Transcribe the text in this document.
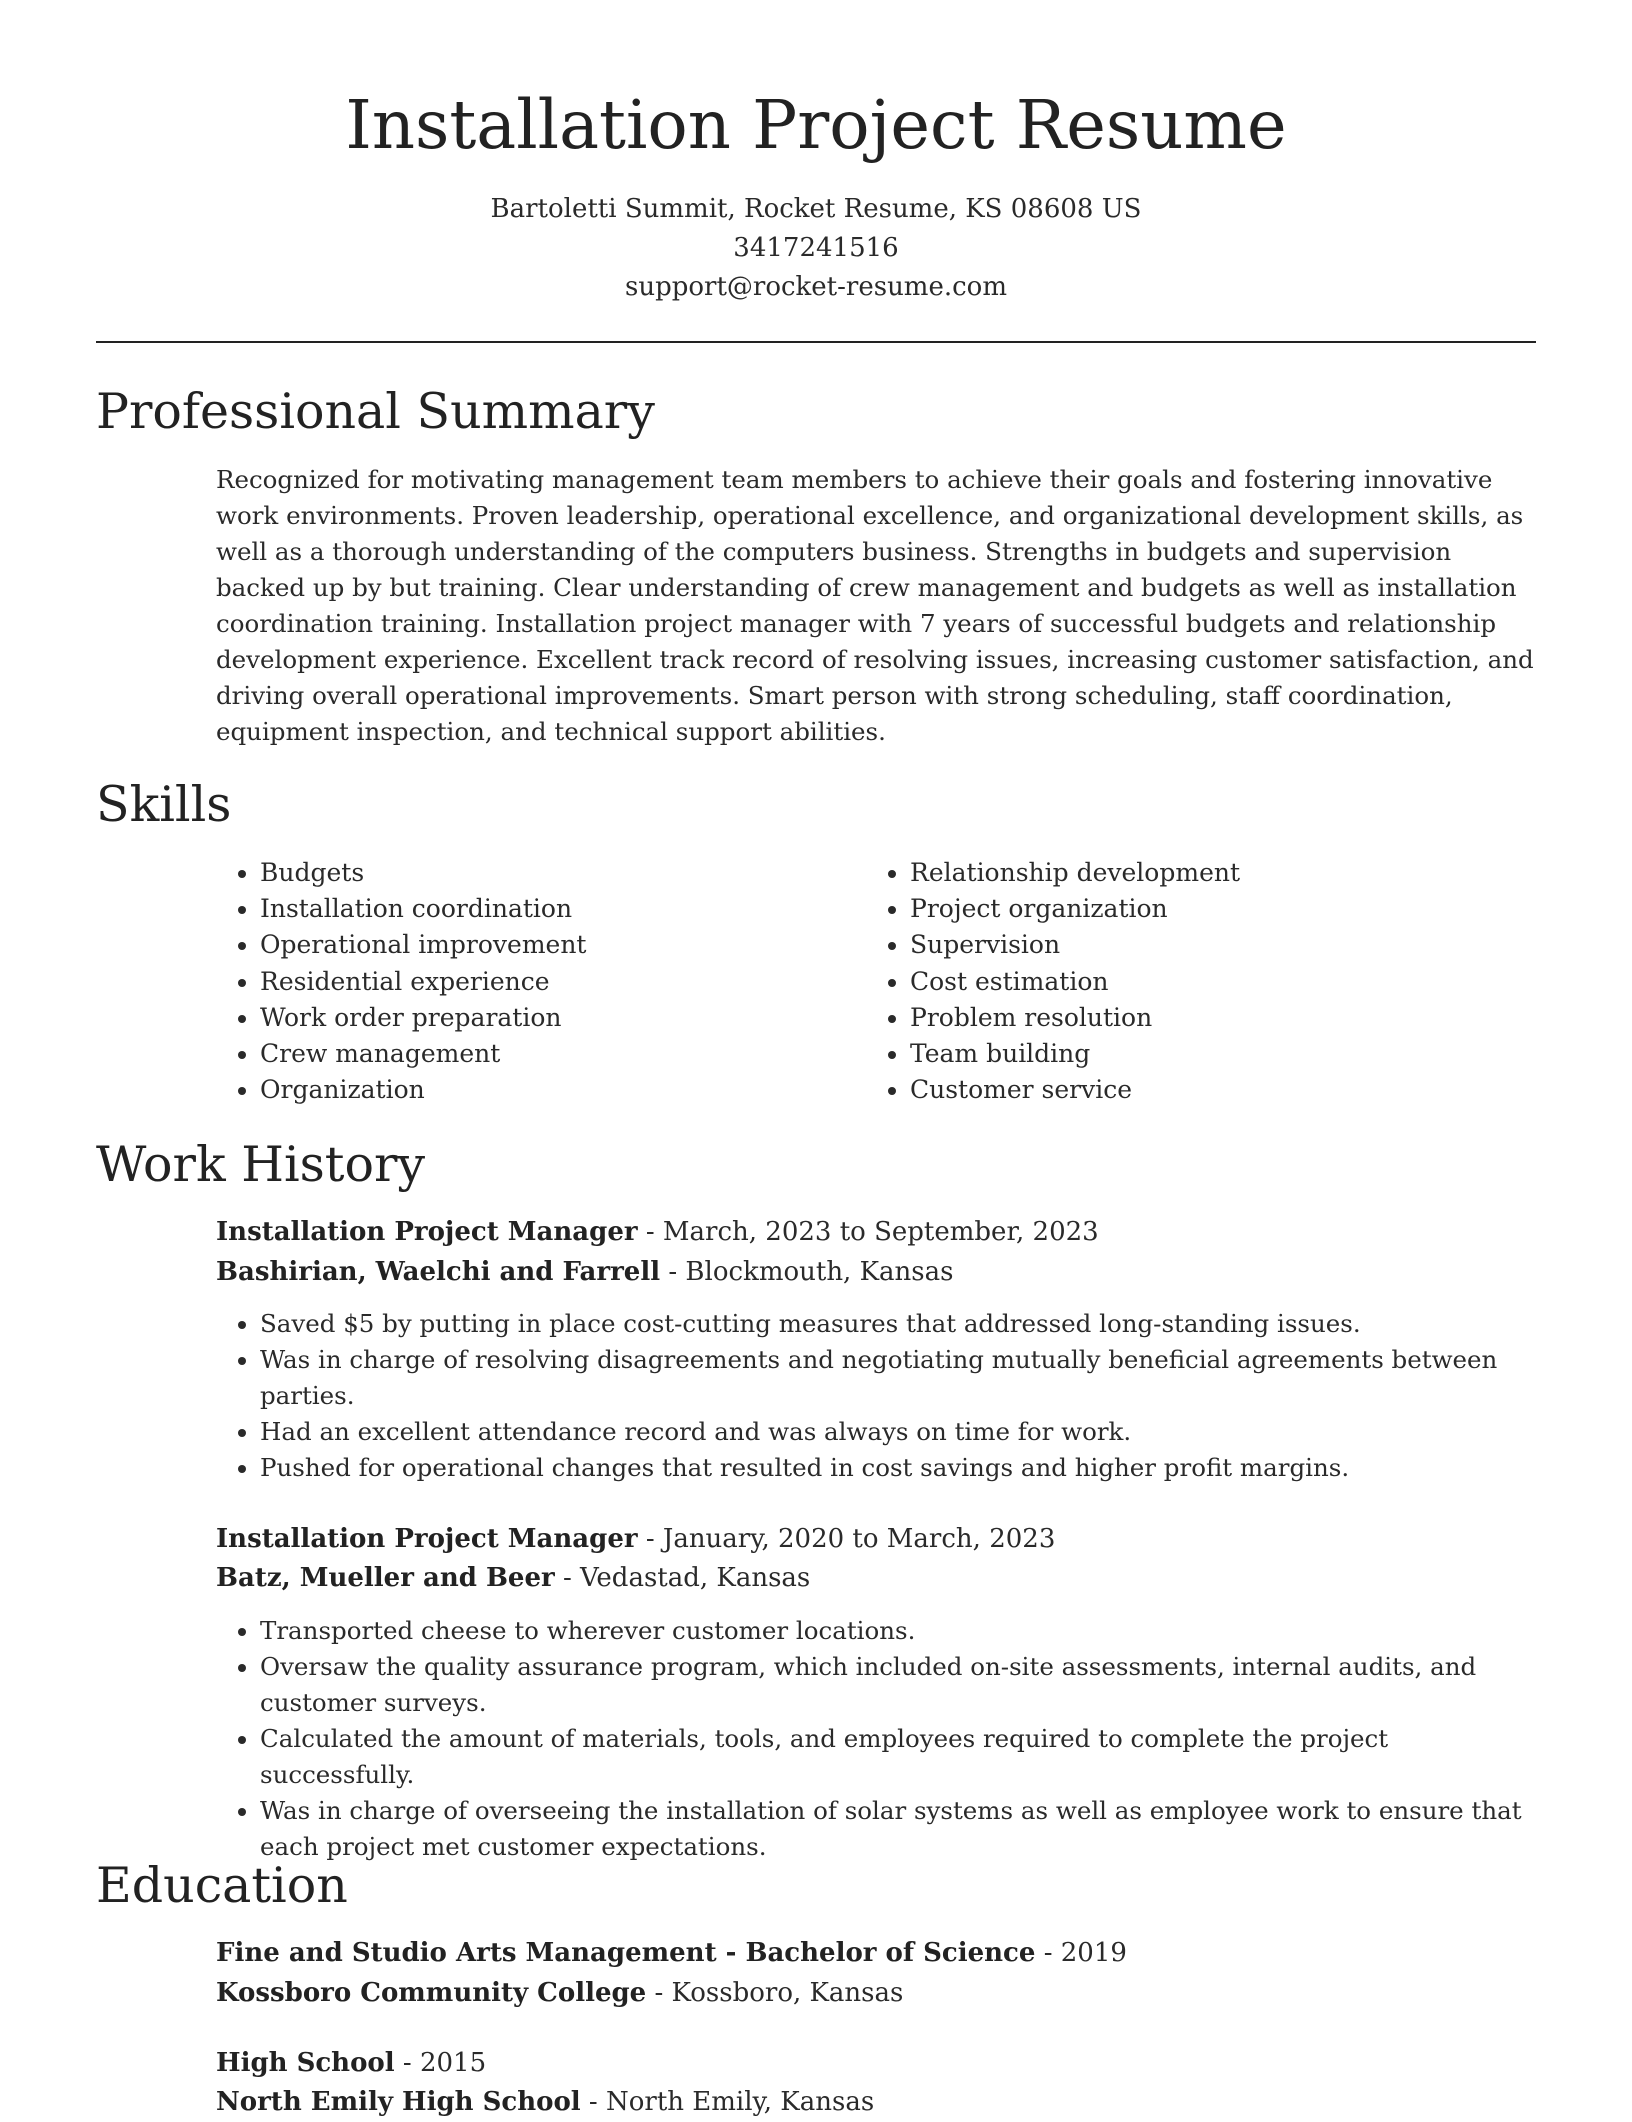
Installation Project Resume
Bartoletti Summit, Rocket Resume, KS 08608 US
3417241516
support@rocket-resume.com
Professional Summary

Recognized for motivating management team members to achieve their goals and fostering innovative work environments. Proven leadership, operational excellence, and organizational development skills, as well as a thorough understanding of the computers business. Strengths in budgets and supervision backed up by but training. Clear understanding of crew management and budgets as well as installation coordination training. Installation project manager with 7 years of successful budgets and relationship development experience. Excellent track record of resolving issues, increasing customer satisfaction, and driving overall operational improvements. Smart person with strong scheduling, staff coordination, equipment inspection, and technical support abilities.

Skills
• Budgets
• Installation coordination
• Operational improvement
• Residential experience
• Work order preparation
• Crew management
• Organization
• Relationship development
• Project organization
• Supervision
• Cost estimation
• Problem resolution
• Team building
• Customer service
Work History
Installation Project Manager - March, 2023 to September, 2023
Bashirian, Waelchi and Farrell - Blockmouth, Kansas
• Saved $5 by putting in place cost-cutting measures that addressed long-standing issues.
• Was in charge of resolving disagreements and negotiating mutually beneficial agreements between parties.
• Had an excellent attendance record and was always on time for work.
• Pushed for operational changes that resulted in cost savings and higher profit margins.
Installation Project Manager - January, 2020 to March, 2023
Batz, Mueller and Beer - Vedastad, Kansas
• Transported cheese to wherever customer locations.
• Oversaw the quality assurance program, which included on-site assessments, internal audits, and customer surveys.
• Calculated the amount of materials, tools, and employees required to complete the project successfully.
• Was in charge of overseeing the installation of solar systems as well as employee work to ensure that each project met customer expectations.
Education
Fine and Studio Arts Management - Bachelor of Science - 2019
Kossboro Community College - Kossboro, Kansas
High School - 2015
North Emily High School - North Emily, Kansas
